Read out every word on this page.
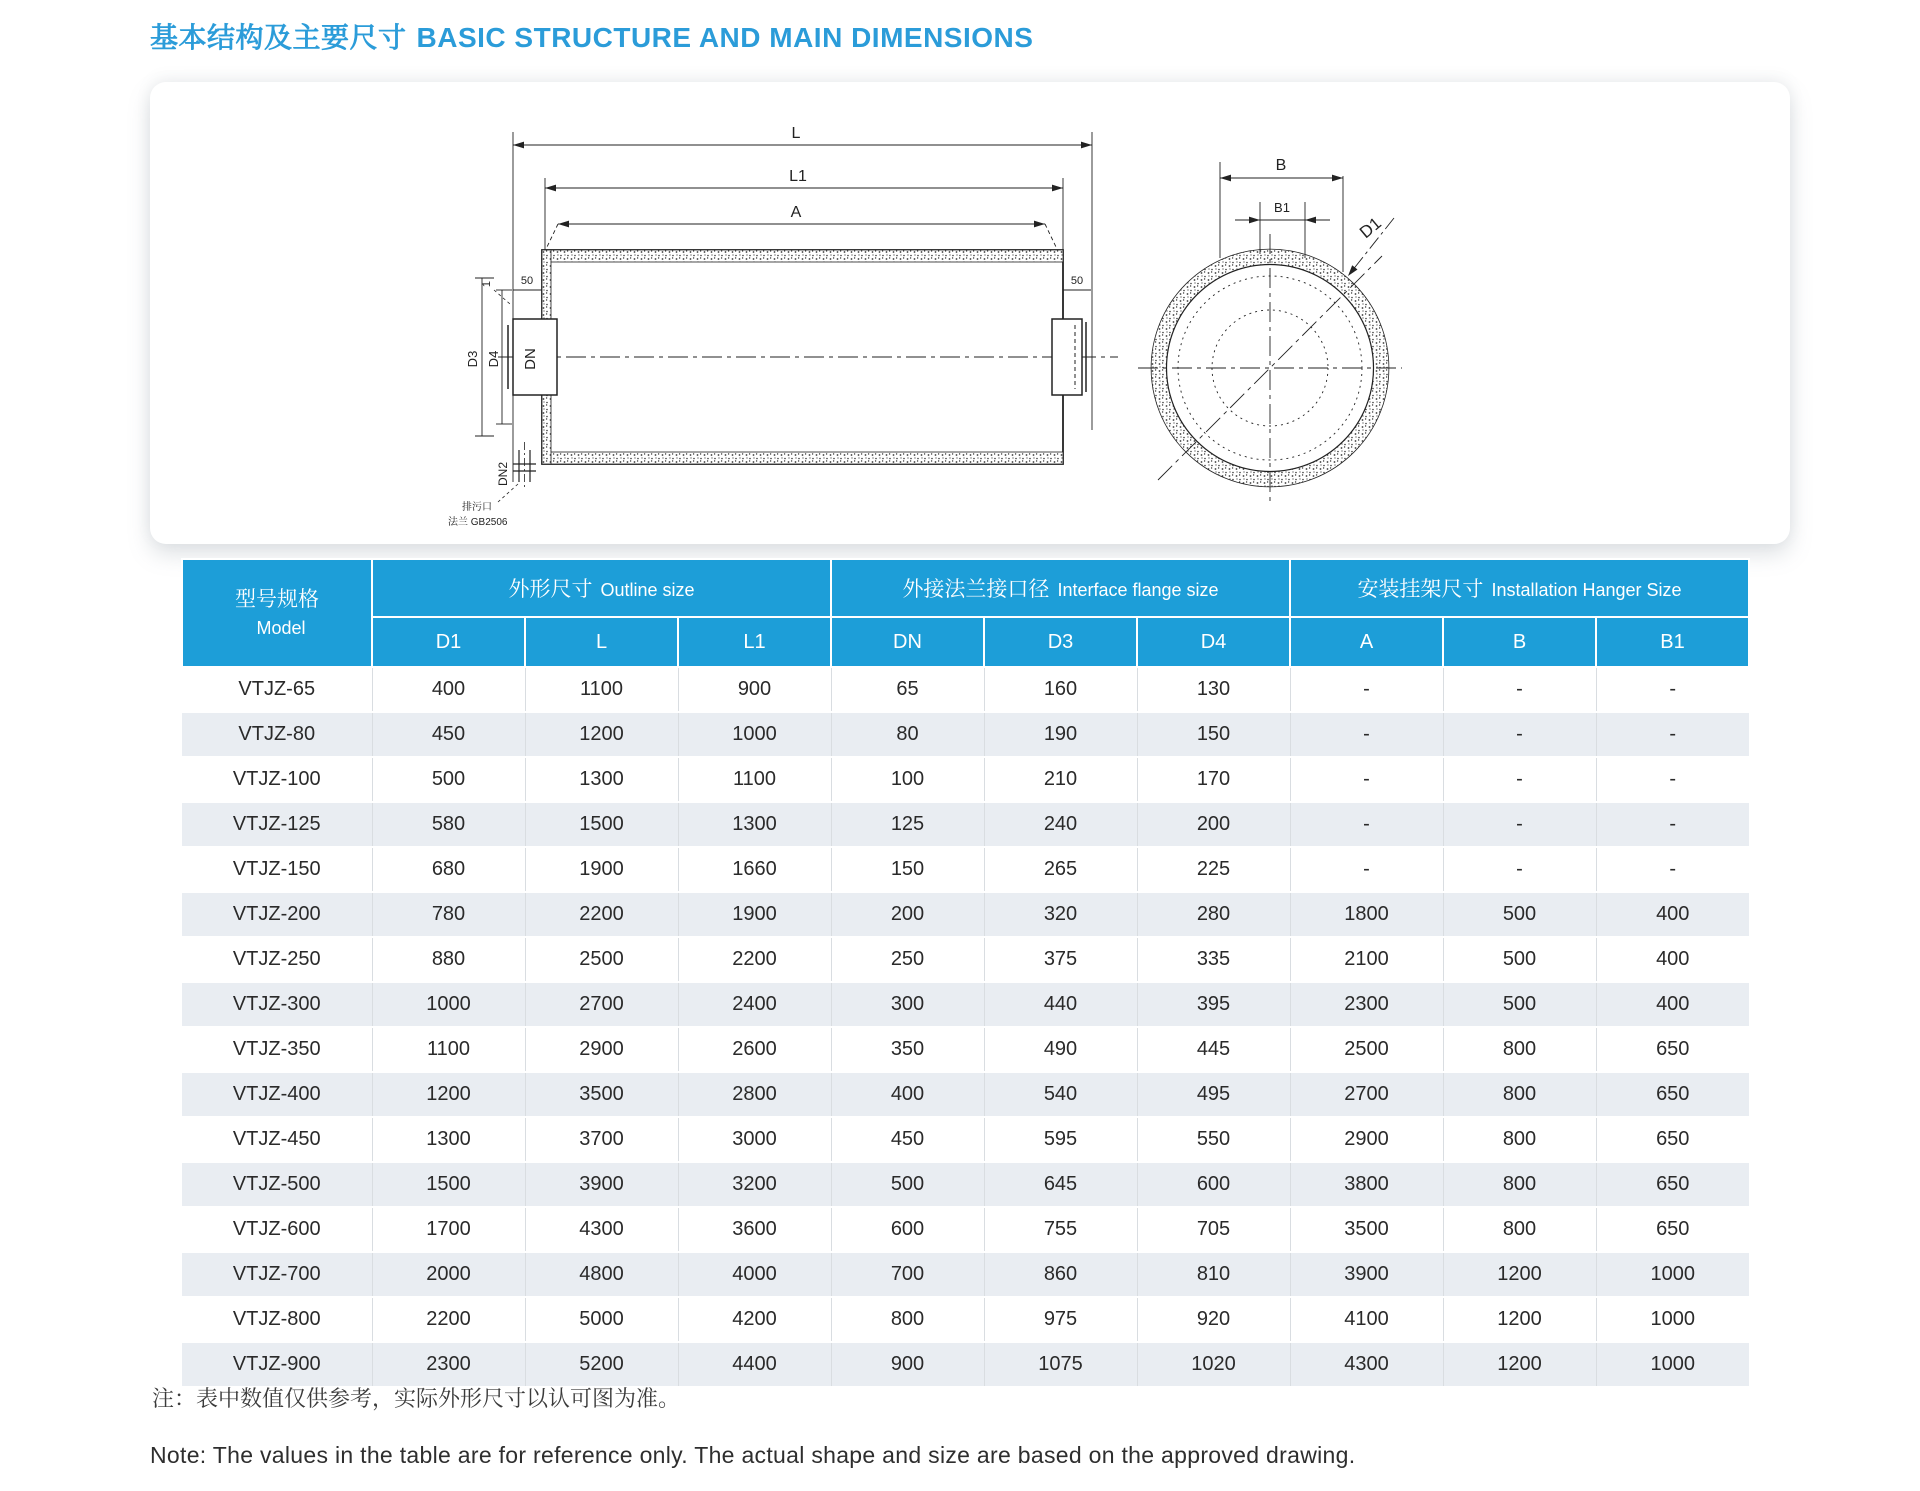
基本结构及主要尺寸 BASIC STRUCTURE AND MAIN DIMENSIONS
L
L1
A
DN
D3 D4
1	50	50
DN2
排污口
法兰 GB2506
B
B1
D1
型号规格
Model	外形尺寸 Outline size			外接法兰接口径 Interface flange size			安装挂架尺寸 Installation Hanger Size		
	D1	L	L1	DN	D3	D4	A	B	B1
VTJZ-65	400	1100	900	65	160	130	-	-	-
VTJZ-80	450	1200	1000	80	190	150	-	-	-
VTJZ-100	500	1300	1100	100	210	170	-	-	-
VTJZ-125	580	1500	1300	125	240	200	-	-	-
VTJZ-150	680	1900	1660	150	265	225	-	-	-
VTJZ-200	780	2200	1900	200	320	280	1800	500	400
VTJZ-250	880	2500	2200	250	375	335	2100	500	400
VTJZ-300	1000	2700	2400	300	440	395	2300	500	400
VTJZ-350	1100	2900	2600	350	490	445	2500	800	650
VTJZ-400	1200	3500	2800	400	540	495	2700	800	650
VTJZ-450	1300	3700	3000	450	595	550	2900	800	650
VTJZ-500	1500	3900	3200	500	645	600	3800	800	650
VTJZ-600	1700	4300	3600	600	755	705	3500	800	650
VTJZ-700	2000	4800	4000	700	860	810	3900	1200	1000
VTJZ-800	2200	5000	4200	800	975	920	4100	1200	1000
VTJZ-900	2300	5200	4400	900	1075	1020	4300	1200	1000
注：表中数值仅供参考，实际外形尺寸以认可图为准。
Note: The values in the table are for reference only. The actual shape and size are based on the approved drawing.
